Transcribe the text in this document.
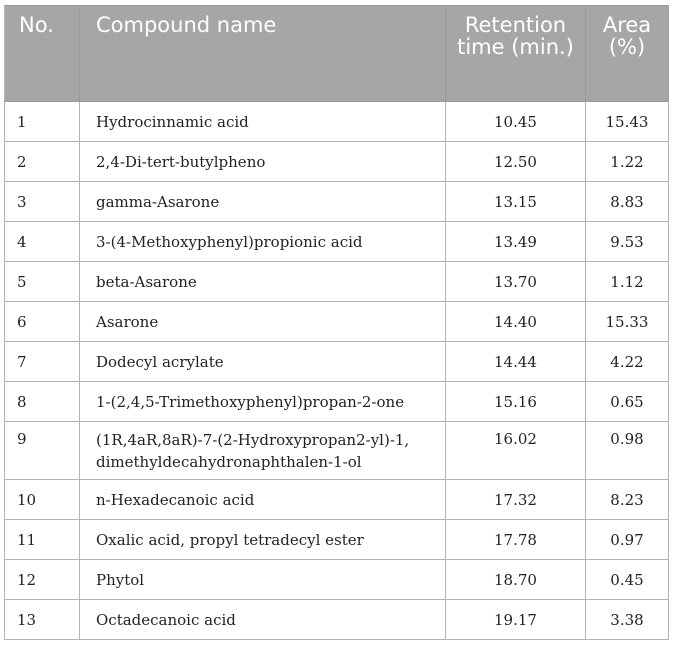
No.	Compound name	Retention time (min.)	Area (%)
1	Hydrocinnamic acid	10.45	15.43
2	2,4-Di-tert-butylpheno	12.50	1.22
3	gamma-Asarone	13.15	8.83
4	3-(4-Methoxyphenyl)propionic acid	13.49	9.53
5	beta-Asarone	13.70	1.12
6	Asarone	14.40	15.33
7	Dodecyl acrylate	14.44	4.22
8	1-(2,4,5-Trimethoxyphenyl)propan-2-one	15.16	0.65
9	(1R,4aR,8aR)-7-(2-Hydroxypropan2-yl)-1, dimethyldecahydronaphthalen-1-ol	16.02	0.98
10	n-Hexadecanoic acid	17.32	8.23
11	Oxalic acid, propyl tetradecyl ester	17.78	0.97
12	Phytol	18.70	0.45
13	Octadecanoic acid	19.17	3.38
